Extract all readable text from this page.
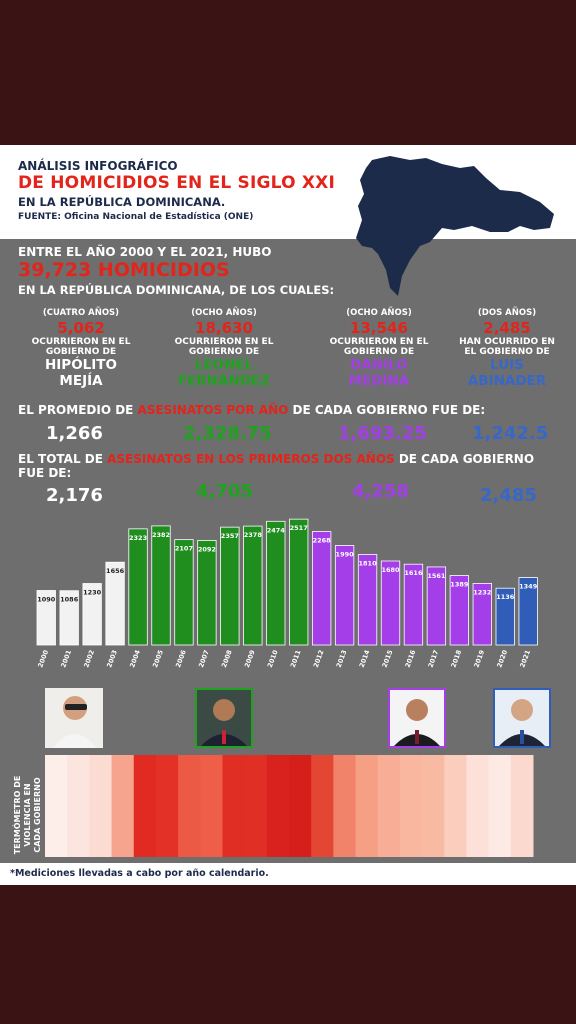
ANÁLISIS INFOGRÁFICO
DE HOMICIDIOS EN EL SIGLO XXI
EN LA REPÚBLICA DOMINICANA.
FUENTE: Oficina Nacional de Estadística (ONE)
ENTRE EL AÑO 2000 Y EL 2021, HUBO
39,723 HOMICIDIOS
EN LA REPÚBLICA DOMINICANA, DE LOS CUALES:
(CUATRO AÑOS)
5,062
OCURRIERON EN EL
GOBIERNO DE
HIPÓLITO
MEJÍA
(OCHO AÑOS)
18,630
OCURRIERON EN EL
GOBIERNO DE
LEONEL
FERNÁNDEZ
(OCHO AÑOS)
13,546
OCURRIERON EN EL
GOBIERNO DE
DANILO
MEDINA
(DOS AÑOS)
2,485
HAN OCURRIDO EN
EL GOBIERNO DE
LUIS
ABINADER
EL PROMEDIO DE ASESINATOS POR AÑO DE CADA GOBIERNO FUE DE:
1,266	2,328.75	1,693.25	1,242.5
EL TOTAL DE ASESINATOS EN LOS PRIMEROS DOS AÑOS DE CADA GOBIERNO
FUE DE:
2,176	4,705	4,258	2,485
1090
2000
1086
2001
1230
2002
1656
2003
2323
2004
2382
2005
2107
2006
2092
2007
2357
2008
2378
2009
2474
2010
2517
2011
2268
2012
1990
2013
1810
2014
1680
2015
1616
2016
1561
2017
1389
2018
1232
2019
1136
2020
1349
2021
TERMÓMETRO DE VIOLENCIA EN CADA GOBIERNO
*Mediciones llevadas a cabo por año calendario.
